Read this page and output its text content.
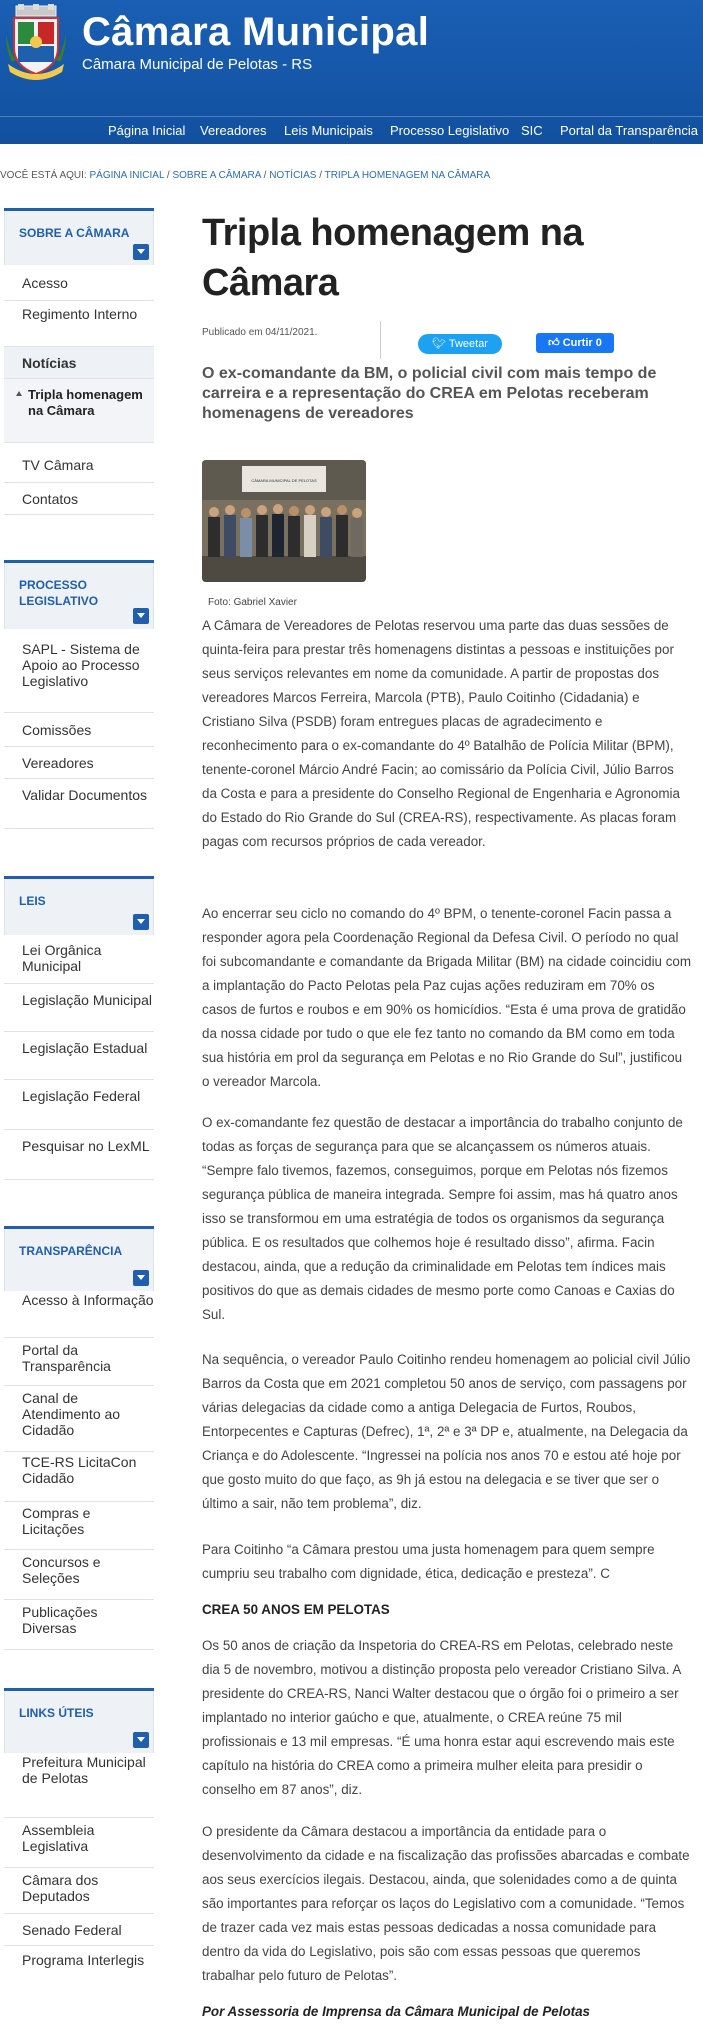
Câmara Municipal
Câmara Municipal de Pelotas - RS
Página Inicial Vereadores Leis Municipais Processo Legislativo SIC Portal da Transparência
VOCÊ ESTÁ AQUI: PÁGINA INICIAL / SOBRE A CÂMARA / NOTÍCIAS / TRIPLA HOMENAGEM NA CÂMARA
SOBRE A CÂMARA
Acesso
Regimento Interno
Notícias
Tripla homenagem na Câmara
TV Câmara
Contatos
PROCESSO LEGISLATIVO
SAPL - Sistema de Apoio ao Processo Legislativo
Comissões
Vereadores
Validar Documentos
LEIS
Lei Orgânica Municipal
Legislação Municipal
Legislação Estadual
Legislação Federal
Pesquisar no LexML
TRANSPARÊNCIA
Acesso à Informação
Portal da Transparência
Canal de Atendimento ao Cidadão
TCE-RS LicitaCon Cidadão
Compras e Licitações
Concursos e Seleções
Publicações Diversas
LINKS ÚTEIS
Prefeitura Municipal de Pelotas
Assembleia Legislativa
Câmara dos Deputados
Senado Federal
Programa Interlegis
Tripla homenagem na Câmara
Publicado em 04/11/2021.
🐦︎ Tweetar	👍︎ Curtir 0
O ex-comandante da BM, o policial civil com mais tempo de carreira e a representação do CREA em Pelotas receberam homenagens de vereadores
CÂMARA MUNICIPAL DE PELOTAS
Foto: Gabriel Xavier

A Câmara de Vereadores de Pelotas reservou uma parte das duas sessões de quinta-feira para prestar três homenagens distintas a pessoas e instituições por seus serviços relevantes em nome da comunidade. A partir de propostas dos vereadores Marcos Ferreira, Marcola (PTB), Paulo Coitinho (Cidadania) e Cristiano Silva (PSDB) foram entregues placas de agradecimento e reconhecimento para o ex-comandante do 4º Batalhão de Polícia Militar (BPM), tenente-coronel Márcio André Facin; ao comissário da Polícia Civil, Júlio Barros da Costa e para a presidente do Conselho Regional de Engenharia e Agronomia do Estado do Rio Grande do Sul (CREA-RS), respectivamente. As placas foram pagas com recursos próprios de cada vereador.

Ao encerrar seu ciclo no comando do 4º BPM, o tenente-coronel Facin passa a responder agora pela Coordenação Regional da Defesa Civil. O período no qual foi subcomandante e comandante da Brigada Militar (BM) na cidade coincidiu com a implantação do Pacto Pelotas pela Paz cujas ações reduziram em 70% os casos de furtos e roubos e em 90% os homicídios. “Esta é uma prova de gratidão da nossa cidade por tudo o que ele fez tanto no comando da BM como em toda sua história em prol da segurança em Pelotas e no Rio Grande do Sul”, justificou o vereador Marcola.

O ex-comandante fez questão de destacar a importância do trabalho conjunto de todas as forças de segurança para que se alcançassem os números atuais. “Sempre falo tivemos, fazemos, conseguimos, porque em Pelotas nós fizemos segurança pública de maneira integrada. Sempre foi assim, mas há quatro anos isso se transformou em uma estratégia de todos os organismos da segurança pública. E os resultados que colhemos hoje é resultado disso”, afirma. Facin destacou, ainda, que a redução da criminalidade em Pelotas tem índices mais positivos do que as demais cidades de mesmo porte como Canoas e Caxias do Sul.

Na sequência, o vereador Paulo Coitinho rendeu homenagem ao policial civil Júlio Barros da Costa que em 2021 completou 50 anos de serviço, com passagens por várias delegacias da cidade como a antiga Delegacia de Furtos, Roubos, Entorpecentes e Capturas (Defrec), 1ª, 2ª e 3ª DP e, atualmente, na Delegacia da Criança e do Adolescente. “Ingressei na polícia nos anos 70 e estou até hoje por que gosto muito do que faço, as 9h já estou na delegacia e se tiver que ser o último a sair, não tem problema”, diz.

Para Coitinho “a Câmara prestou uma justa homenagem para quem sempre cumpriu seu trabalho com dignidade, ética, dedicação e presteza”. C

CREA 50 ANOS EM PELOTAS

Os 50 anos de criação da Inspetoria do CREA-RS em Pelotas, celebrado neste dia 5 de novembro, motivou a distinção proposta pelo vereador Cristiano Silva. A presidente do CREA-RS, Nanci Walter destacou que o órgão foi o primeiro a ser implantado no interior gaúcho e que, atualmente, o CREA reúne 75 mil profissionais e 13 mil empresas. “É uma honra estar aqui escrevendo mais este capítulo na história do CREA como a primeira mulher eleita para presidir o conselho em 87 anos”, diz.

O presidente da Câmara destacou a importância da entidade para o desenvolvimento da cidade e na fiscalização das profissões abarcadas e combate aos seus exercícios ilegais. Destacou, ainda, que solenidades como a de quinta são importantes para reforçar os laços do Legislativo com a comunidade. “Temos de trazer cada vez mais estas pessoas dedicadas a nossa comunidade para dentro da vida do Legislativo, pois são com essas pessoas que queremos trabalhar pelo futuro de Pelotas”.

Por Assessoria de Imprensa da Câmara Municipal de Pelotas
